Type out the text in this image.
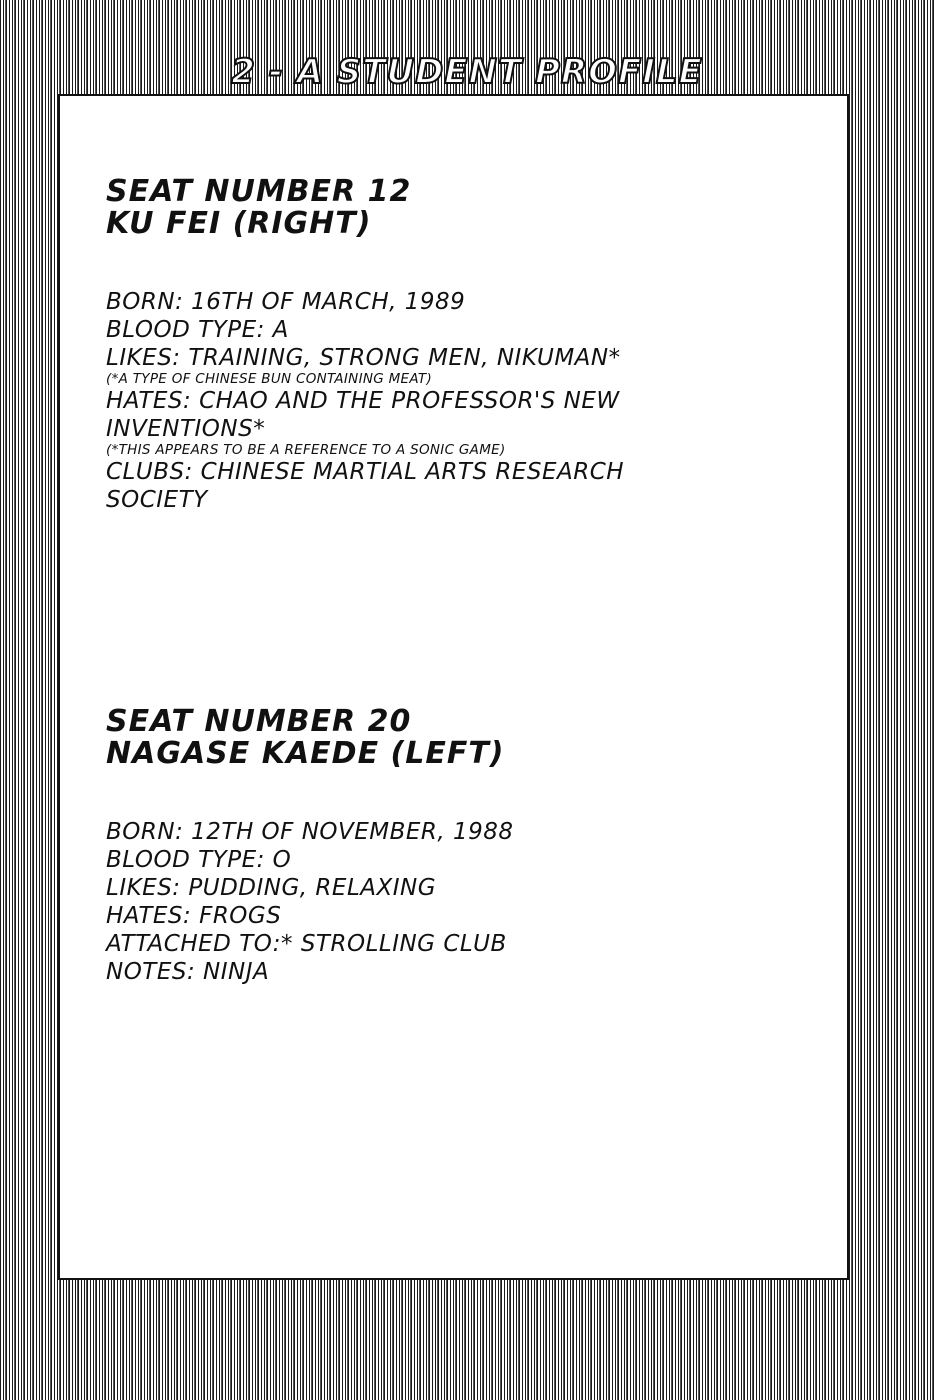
2 - A STUDENT PROFILE
SEAT NUMBER 12
KU FEI (RIGHT)
BORN: 16TH OF MARCH, 1989
BLOOD TYPE: A
LIKES: TRAINING, STRONG MEN, NIKUMAN*
(*A TYPE OF CHINESE BUN CONTAINING MEAT)
HATES: CHAO AND THE PROFESSOR'S NEW
INVENTIONS*
(*THIS APPEARS TO BE A REFERENCE TO A SONIC GAME)
CLUBS: CHINESE MARTIAL ARTS RESEARCH
SOCIETY
SEAT NUMBER 20
NAGASE KAEDE (LEFT)
BORN: 12TH OF NOVEMBER, 1988
BLOOD TYPE: O
LIKES: PUDDING, RELAXING
HATES: FROGS
ATTACHED TO:* STROLLING CLUB
NOTES: NINJA
